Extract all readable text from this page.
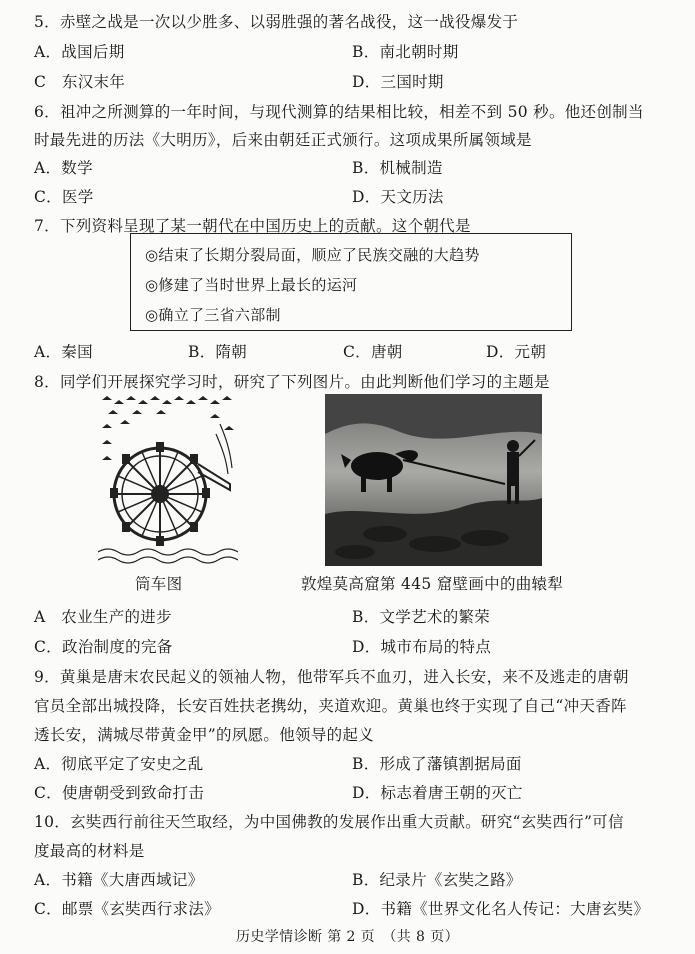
5．赤壁之战是一次以少胜多、以弱胜强的著名战役，这一战役爆发于
A．战国后期	B．南北朝时期
C　东汉末年	D．三国时期
6．祖冲之所测算的一年时间，与现代测算的结果相比较，相差不到 50 秒。他还创制当
时最先进的历法《大明历》，后来由朝廷正式颁行。这项成果所属领域是
A．数学	B．机械制造
C．医学	D．天文历法
7．下列资料呈现了某一朝代在中国历史上的贡献。这个朝代是
◎结束了长期分裂局面，顺应了民族交融的大趋势
◎修建了当时世界上最长的运河
◎确立了三省六部制
A．秦国	B．隋朝	C．唐朝	D．元朝
8．同学们开展探究学习时，研究了下列图片。由此判断他们学习的主题是
筒车图	敦煌莫高窟第 445 窟壁画中的曲辕犁
A　农业生产的进步	B．文学艺术的繁荣
C．政治制度的完备	D．城市布局的特点
9．黄巢是唐末农民起义的领袖人物，他带军兵不血刃，进入长安，来不及逃走的唐朝
官员全部出城投降，长安百姓扶老携幼，夹道欢迎。黄巢也终于实现了自己“冲天香阵
透长安，满城尽带黄金甲”的夙愿。他领导的起义
A．彻底平定了安史之乱	B．形成了藩镇割据局面
C．使唐朝受到致命打击	D．标志着唐王朝的灭亡
10．玄奘西行前往天竺取经，为中国佛教的发展作出重大贡献。研究“玄奘西行”可信
度最高的材料是
A．书籍《大唐西域记》	B．纪录片《玄奘之路》
C．邮票《玄奘西行求法》	D．书籍《世界文化名人传记：大唐玄奘》
历史学情诊断 第 2 页　（共 8 页）
